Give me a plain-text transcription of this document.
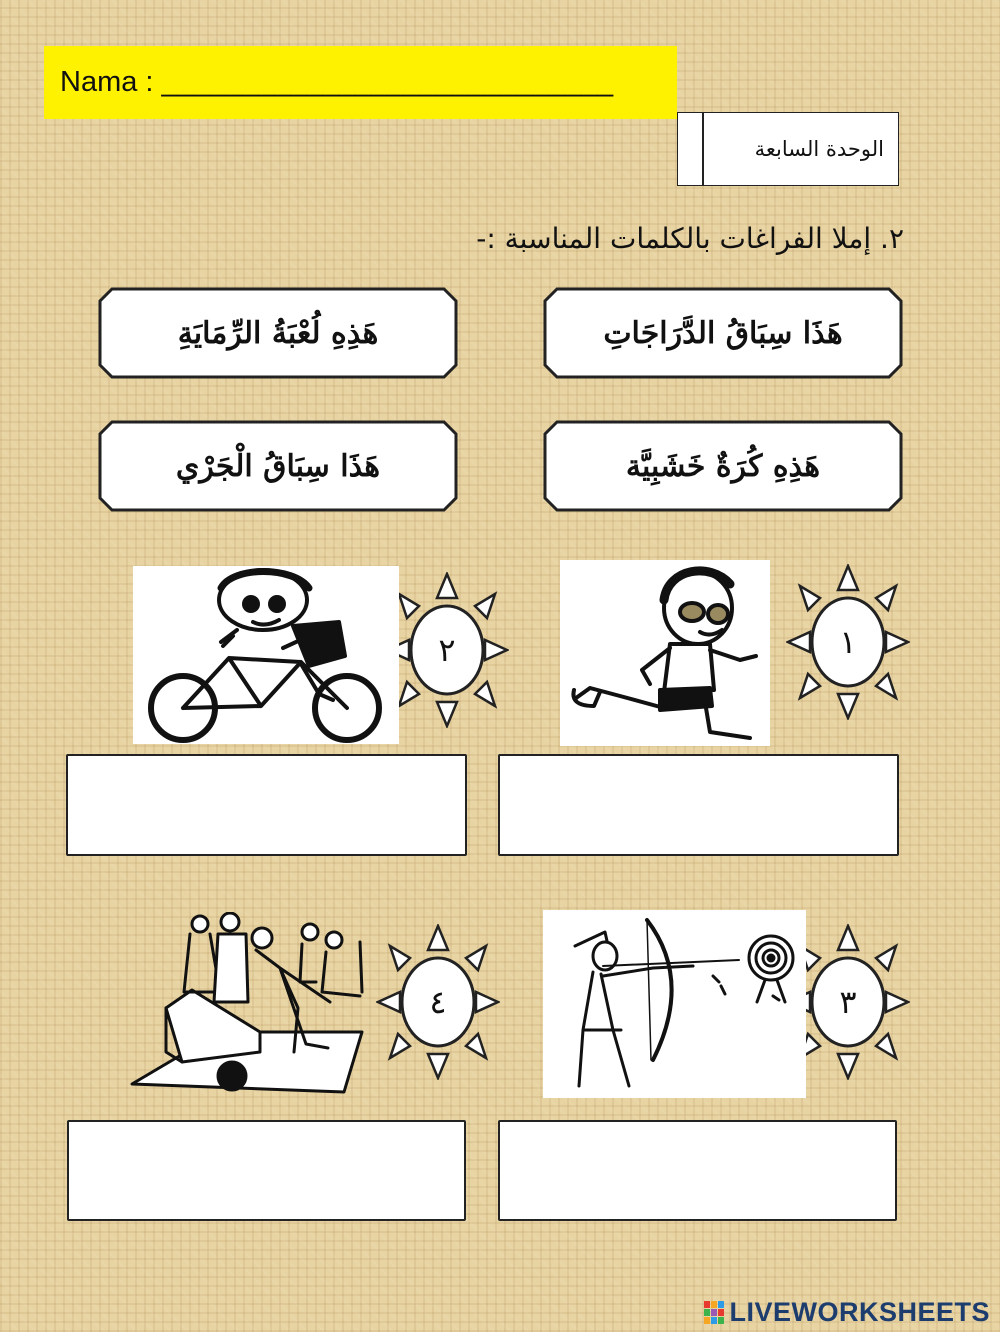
Nama : ____________________________
الوحدة السابعة
٢. إملا الفراغات بالكلمات المناسبة :-
هَذَا سِبَاقُ الدَّرَاجَاتِ
هَذِهِ لُعْبَةُ الرِّمَايَةِ
هَذِهِ كُرَةٌ خَشَبِيَّة
هَذَا سِبَاقُ الْجَرْي
١
٢
٣
٤
LIVEWORKSHEETS
